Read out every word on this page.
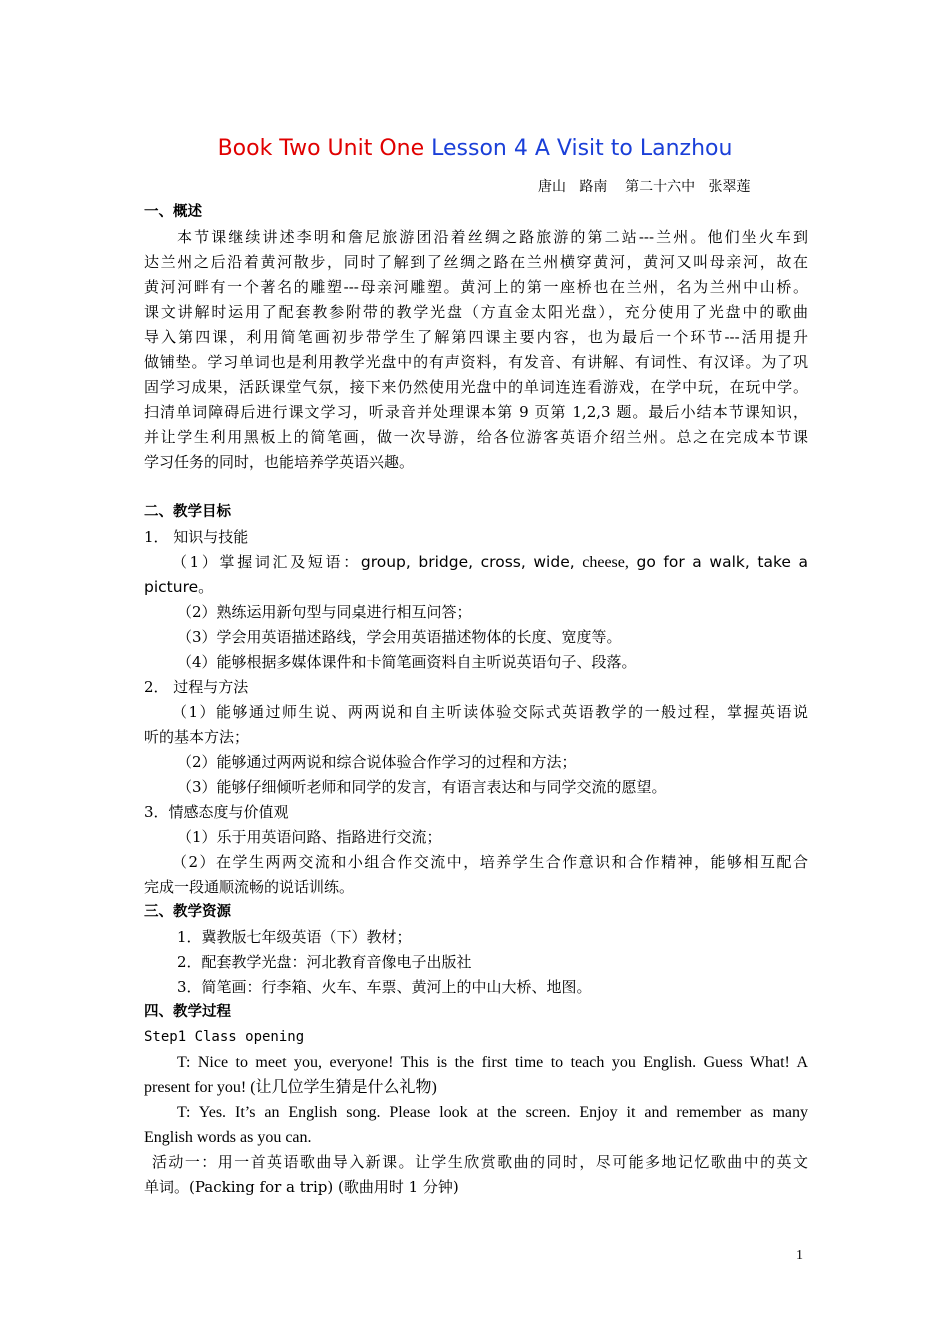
Book Two Unit One Lesson 4 A Visit to Lanzhou
唐山   路南    第二十六中   张翠莲
一、概述
本节课继续讲述李明和詹尼旅游团沿着丝绸之路旅游的第二站---兰州。他们坐火车到
达兰州之后沿着黄河散步，同时了解到了丝绸之路在兰州横穿黄河，黄河又叫母亲河，故在
黄河河畔有一个著名的雕塑---母亲河雕塑。黄河上的第一座桥也在兰州，名为兰州中山桥。
课文讲解时运用了配套教参附带的教学光盘（方直金太阳光盘），充分使用了光盘中的歌曲
导入第四课，利用简笔画初步带学生了解第四课主要内容，也为最后一个环节---活用提升
做铺垫。学习单词也是利用教学光盘中的有声资料，有发音、有讲解、有词性、有汉译。为了巩
固学习成果，活跃课堂气氛，接下来仍然使用光盘中的单词连连看游戏，在学中玩，在玩中学。
扫清单词障碍后进行课文学习，听录音并处理课本第 9 页第 1,2,3 题。最后小结本节课知识，
并让学生利用黑板上的简笔画，做一次导游，给各位游客英语介绍兰州。总之在完成本节课
学习任务的同时，也能培养学英语兴趣。
二、教学目标
1． 知识与技能
（1）掌握词汇及短语：group, bridge, cross, wide, cheese, go for a walk, take a
picture。
（2）熟练运用新句型与同桌进行相互问答；
（3）学会用英语描述路线，学会用英语描述物体的长度、宽度等。
（4）能够根据多媒体课件和卡简笔画资料自主听说英语句子、段落。
2． 过程与方法
（1）能够通过师生说、两两说和自主听读体验交际式英语教学的一般过程，掌握英语说
听的基本方法；
（2）能够通过两两说和综合说体验合作学习的过程和方法；
（3）能够仔细倾听老师和同学的发言，有语言表达和与同学交流的愿望。
3．情感态度与价值观
（1）乐于用英语问路、指路进行交流；
（2）在学生两两交流和小组合作交流中，培养学生合作意识和合作精神，能够相互配合
完成一段通顺流畅的说话训练。
三、教学资源
1．冀教版七年级英语（下）教材；
2．配套教学光盘：河北教育音像电子出版社
3．简笔画：行李箱、火车、车票、黄河上的中山大桥、地图。
四、教学过程
Step1 Class opening
T: Nice to meet you, everyone! This is the first time to teach you English. Guess What! A
present for you! (让几位学生猜是什么礼物)
T: Yes. It’s an English song. Please look at the screen. Enjoy it and remember as many
English words as you can.
活动一：用一首英语歌曲导入新课。让学生欣赏歌曲的同时，尽可能多地记忆歌曲中的英文
单词。(Packing for a trip) (歌曲用时 1 分钟)
1
